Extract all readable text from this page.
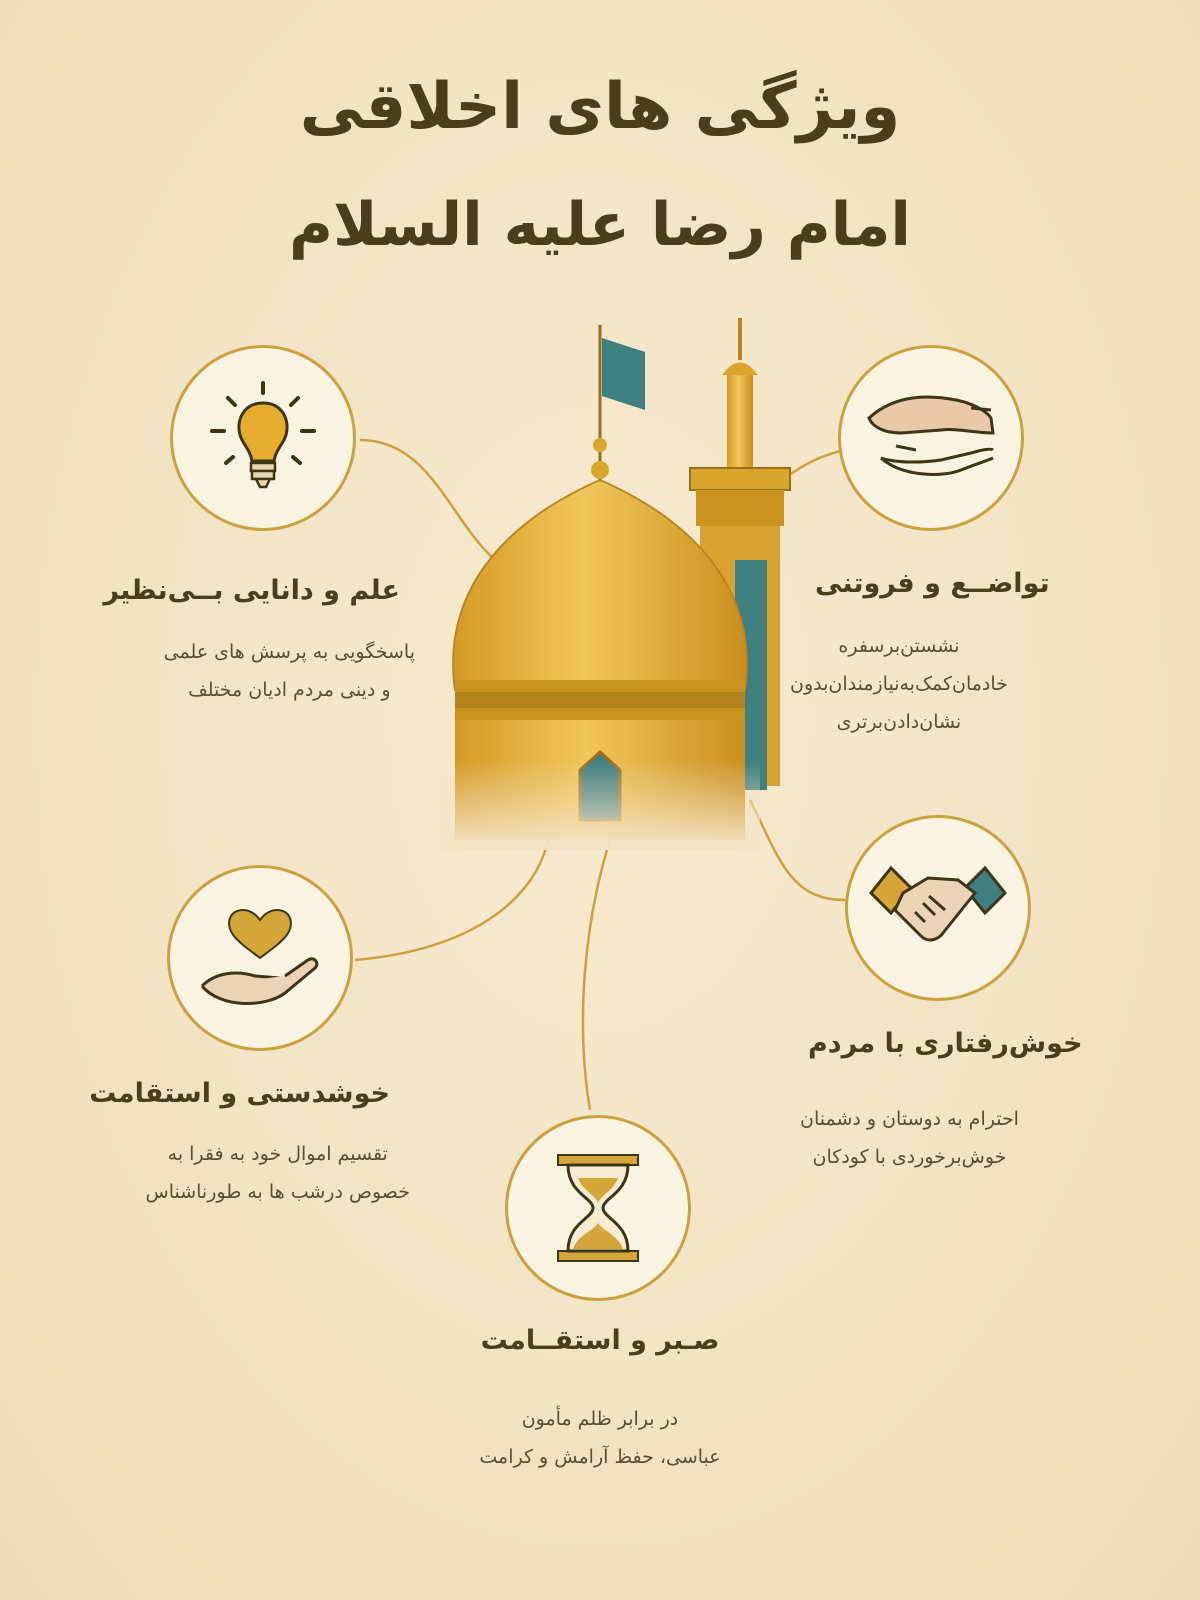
ویژگی های اخلاقی
امام رضا علیه السلام
علم و دانایی بــی‌نظیر
پاسخگویی به پرسش های علمی
و دینی مردم ادیان مختلف
تواضــع و فروتنی
نشستن‌برسفره
خادمان‌کمک‌به‌نیازمندان‌بدون
نشان‌دادن‌برتری
خوشدستی و استقامت
تقسیم اموال خود به فقرا به
خصوص درشب ها به طورناشناس
خوش‌رفتاری با مردم
احترام به دوستان و دشمنان
خوش‌برخوردی با کودکان
صـبر و استقــامت
در برابر ظلم مأمون
عباسی، حفظ آرامش و کرامت
